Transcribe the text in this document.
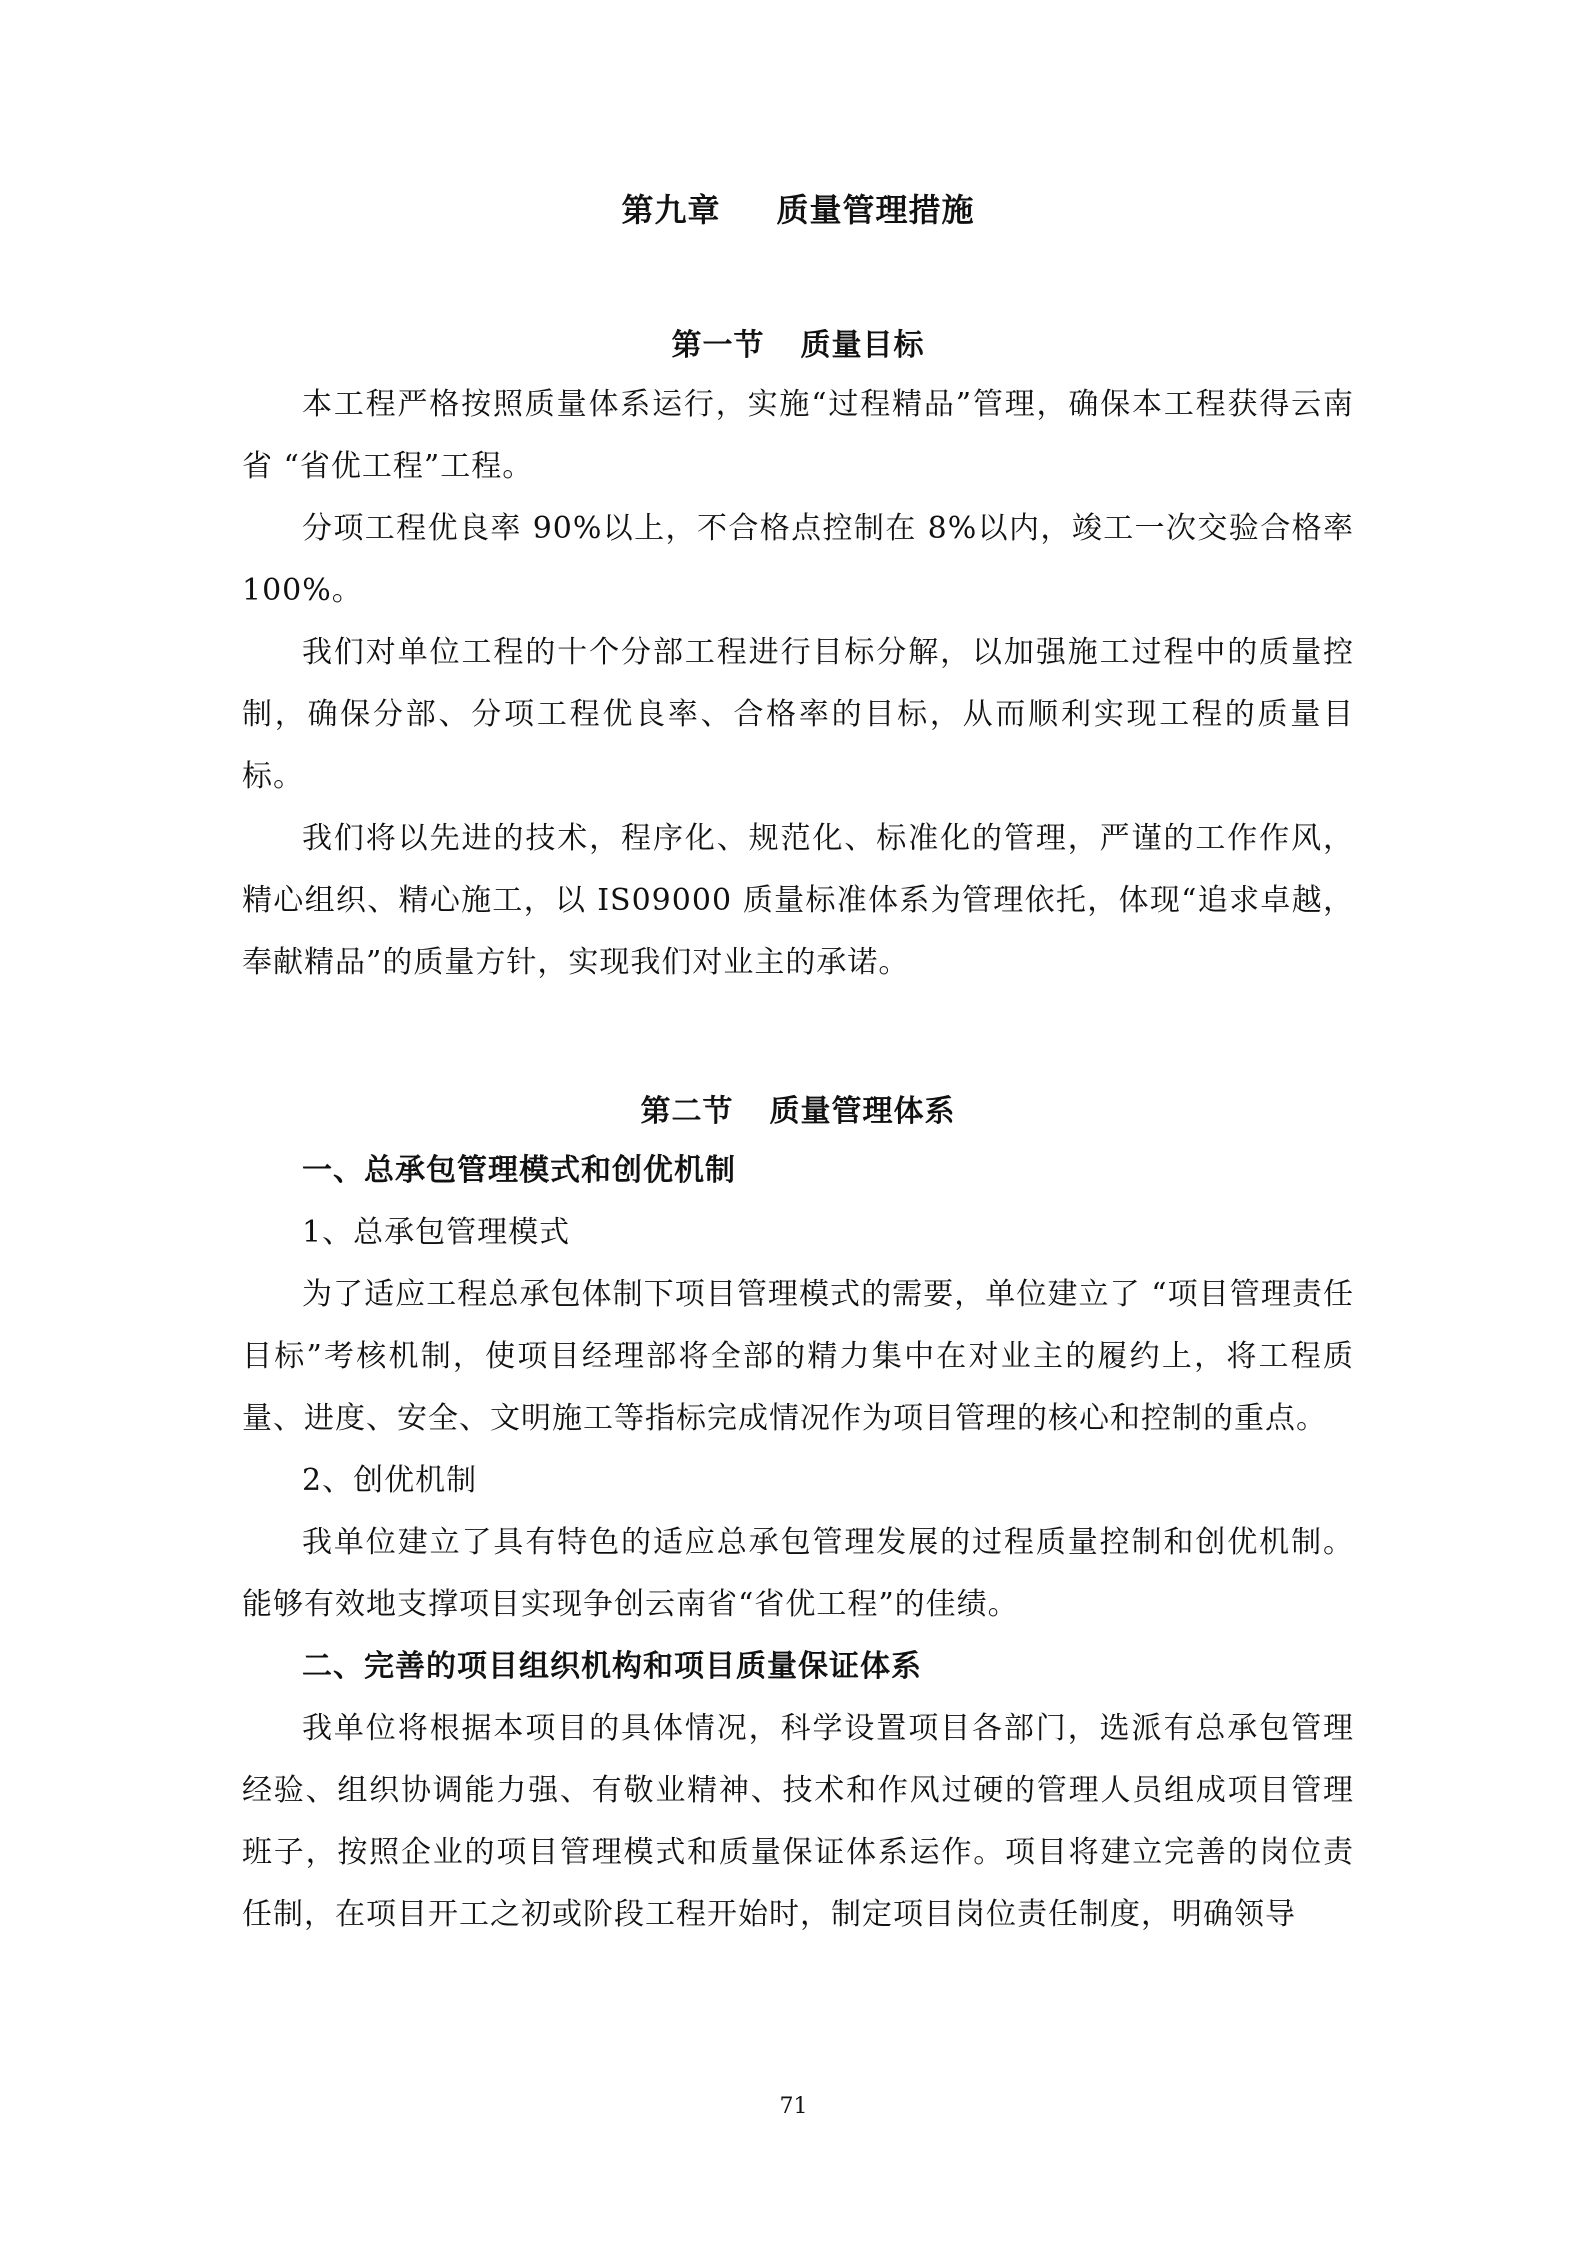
第九章 质量管理措施
第一节 质量目标

本工程严格按照质量体系运行，实施“过程精品”管理，确保本工程获得云南省 “省优工程”工程。

分项工程优良率 90%以上，不合格点控制在 8%以内，竣工一次交验合格率 100%。

我们对单位工程的十个分部工程进行目标分解，以加强施工过程中的质量控制，确保分部、分项工程优良率、合格率的目标，从而顺利实现工程的质量目标。

我们将以先进的技术，程序化、规范化、标准化的管理，严谨的工作作风，精心组织、精心施工，以 IS09000 质量标准体系为管理依托，体现“追求卓越，奉献精品”的质量方针，实现我们对业主的承诺。

第二节 质量管理体系

一、总承包管理模式和创优机制

1、总承包管理模式

为了适应工程总承包体制下项目管理模式的需要，单位建立了 “项目管理责任目标”考核机制，使项目经理部将全部的精力集中在对业主的履约上，将工程质量、进度、安全、文明施工等指标完成情况作为项目管理的核心和控制的重点。

2、创优机制

我单位建立了具有特色的适应总承包管理发展的过程质量控制和创优机制。能够有效地支撑项目实现争创云南省“省优工程”的佳绩。

二、完善的项目组织机构和项目质量保证体系

我单位将根据本项目的具体情况，科学设置项目各部门，选派有总承包管理经验、组织协调能力强、有敬业精神、技术和作风过硬的管理人员组成项目管理班子，按照企业的项目管理模式和质量保证体系运作。项目将建立完善的岗位责任制，在项目开工之初或阶段工程开始时，制定项目岗位责任制度，明确领导

71
